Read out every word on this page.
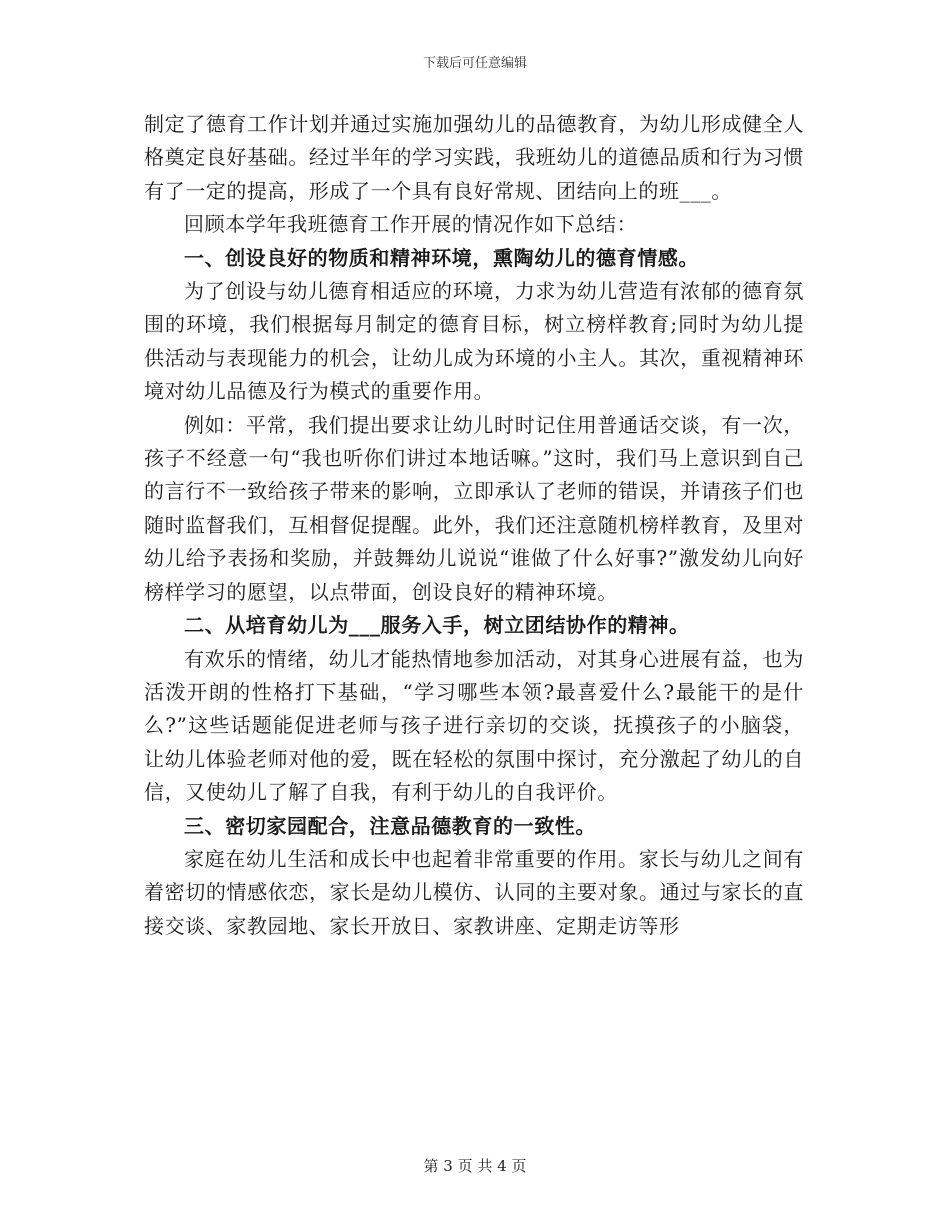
下载后可任意编辑

制定了德育工作计划并通过实施加强幼儿的品德教育，为幼儿形成健全人格奠定良好基础。经过半年的学习实践，我班幼儿的道德品质和行为习惯有了一定的提高，形成了一个具有良好常规、团结向上的班___。

回顾本学年我班德育工作开展的情况作如下总结：

一、创设良好的物质和精神环境，熏陶幼儿的德育情感。

为了创设与幼儿德育相适应的环境，力求为幼儿营造有浓郁的德育氛围的环境，我们根据每月制定的德育目标，树立榜样教育;同时为幼儿提供活动与表现能力的机会，让幼儿成为环境的小主人。其次，重视精神环境对幼儿品德及行为模式的重要作用。

例如：平常，我们提出要求让幼儿时时记住用普通话交谈，有一次，孩子不经意一句“我也听你们讲过本地话嘛。”这时，我们马上意识到自己的言行不一致给孩子带来的影响，立即承认了老师的错误，并请孩子们也随时监督我们，互相督促提醒。此外，我们还注意随机榜样教育，及里对幼儿给予表扬和奖励，并鼓舞幼儿说说“谁做了什么好事?”激发幼儿向好榜样学习的愿望，以点带面，创设良好的精神环境。

二、从培育幼儿为___服务入手，树立团结协作的精神。

有欢乐的情绪，幼儿才能热情地参加活动，对其身心进展有益，也为活泼开朗的性格打下基础，“学习哪些本领?最喜爱什么?最能干的是什么?”这些话题能促进老师与孩子进行亲切的交谈，抚摸孩子的小脑袋，让幼儿体验老师对他的爱，既在轻松的氛围中探讨，充分激起了幼儿的自信，又使幼儿了解了自我，有利于幼儿的自我评价。

三、密切家园配合，注意品德教育的一致性。

家庭在幼儿生活和成长中也起着非常重要的作用。家长与幼儿之间有着密切的情感依恋，家长是幼儿模仿、认同的主要对象。通过与家长的直接交谈、家教园地、家长开放日、家教讲座、定期走访等形

第 3 页 共 4 页
